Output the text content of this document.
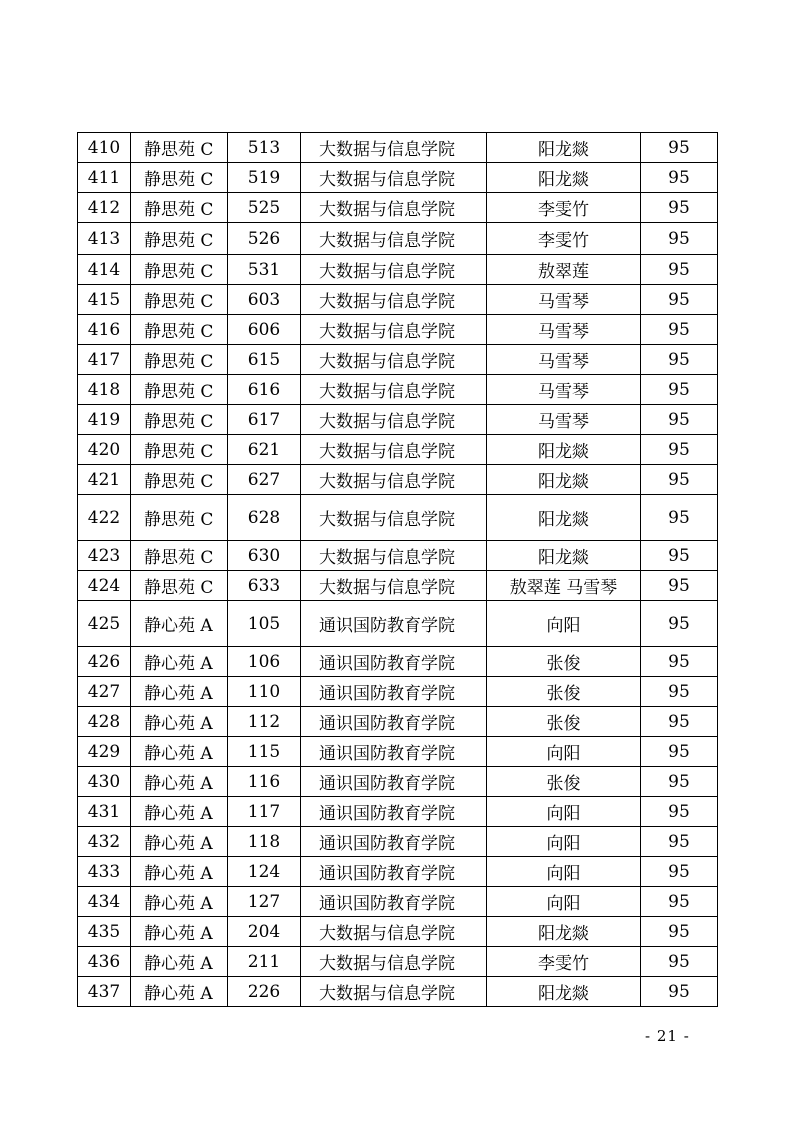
410	静思苑 C	513	大数据与信息学院	阳龙燚	95
411	静思苑 C	519	大数据与信息学院	阳龙燚	95
412	静思苑 C	525	大数据与信息学院	李雯竹	95
413	静思苑 C	526	大数据与信息学院	李雯竹	95
414	静思苑 C	531	大数据与信息学院	敖翠莲	95
415	静思苑 C	603	大数据与信息学院	马雪琴	95
416	静思苑 C	606	大数据与信息学院	马雪琴	95
417	静思苑 C	615	大数据与信息学院	马雪琴	95
418	静思苑 C	616	大数据与信息学院	马雪琴	95
419	静思苑 C	617	大数据与信息学院	马雪琴	95
420	静思苑 C	621	大数据与信息学院	阳龙燚	95
421	静思苑 C	627	大数据与信息学院	阳龙燚	95
422	静思苑 C	628	大数据与信息学院	阳龙燚	95
423	静思苑 C	630	大数据与信息学院	阳龙燚	95
424	静思苑 C	633	大数据与信息学院	敖翠莲 马雪琴	95
425	静心苑 A	105	通识国防教育学院	向阳	95
426	静心苑 A	106	通识国防教育学院	张俊	95
427	静心苑 A	110	通识国防教育学院	张俊	95
428	静心苑 A	112	通识国防教育学院	张俊	95
429	静心苑 A	115	通识国防教育学院	向阳	95
430	静心苑 A	116	通识国防教育学院	张俊	95
431	静心苑 A	117	通识国防教育学院	向阳	95
432	静心苑 A	118	通识国防教育学院	向阳	95
433	静心苑 A	124	通识国防教育学院	向阳	95
434	静心苑 A	127	通识国防教育学院	向阳	95
435	静心苑 A	204	大数据与信息学院	阳龙燚	95
436	静心苑 A	211	大数据与信息学院	李雯竹	95
437	静心苑 A	226	大数据与信息学院	阳龙燚	95
- 21 -
